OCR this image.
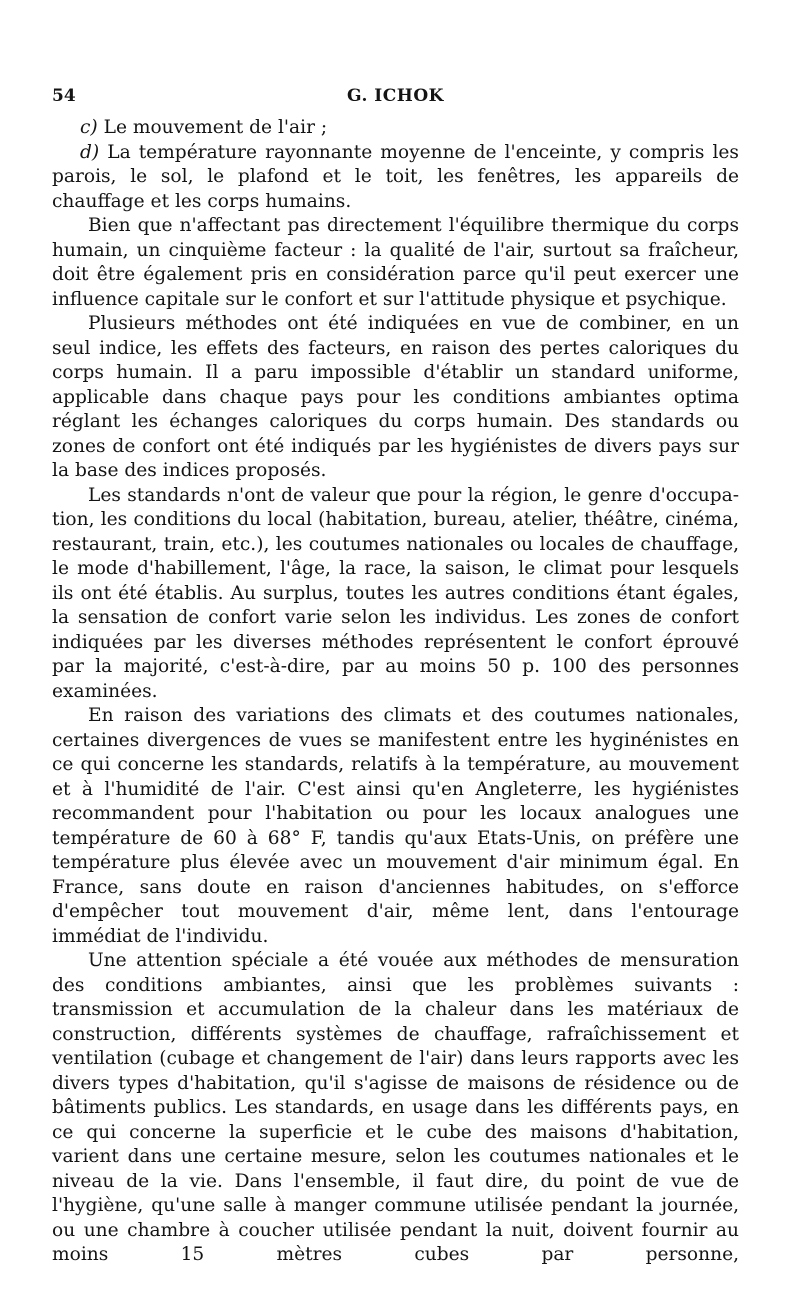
54	G. ICHOK

c) Le mouvement de l'air ;

d) La température rayonnante moyenne de l'enceinte, y compris les parois, le sol, le plafond et le toit, les fenêtres, les appareils de chauffage et les corps humains.

Bien que n'affectant pas directement l'équilibre thermique du corps humain, un cinquième facteur : la qualité de l'air, surtout sa fraîcheur, doit être également pris en considération parce qu'il peut exercer une influence capitale sur le confort et sur l'attitude physique et psychique.

Plusieurs méthodes ont été indiquées en vue de combiner, en un seul indice, les effets des facteurs, en raison des pertes caloriques du corps humain. Il a paru impossible d'établir un standard uniforme, applicable dans chaque pays pour les conditions ambiantes optima réglant les échanges caloriques du corps humain. Des standards ou zones de confort ont été indiqués par les hygiénistes de divers pays sur la base des indices proposés.

Les standards n'ont de valeur que pour la région, le genre d'occupation, les conditions du local (habitation, bureau, atelier, théâtre, cinéma, restaurant, train, etc.), les coutumes nationales ou locales de chauffage, le mode d'habillement, l'âge, la race, la saison, le climat pour lesquels ils ont été établis. Au surplus, toutes les autres conditions étant égales, la sensation de confort varie selon les individus. Les zones de confort indiquées par les diverses méthodes représentent le confort éprouvé par la majorité, c'est-à-dire, par au moins 50 p. 100 des personnes examinées.

En raison des variations des climats et des coutumes nationales, certaines divergences de vues se manifestent entre les hyginénistes en ce qui concerne les standards, relatifs à la température, au mouvement et à l'humidité de l'air. C'est ainsi qu'en Angleterre, les hygiénistes recommandent pour l'habitation ou pour les locaux analogues une température de 60 à 68° F, tandis qu'aux Etats-Unis, on préfère une température plus élevée avec un mouvement d'air minimum égal. En France, sans doute en raison d'anciennes habitudes, on s'efforce d'empêcher tout mouvement d'air, même lent, dans l'entourage immédiat de l'individu.

Une attention spéciale a été vouée aux méthodes de mensuration des conditions ambiantes, ainsi que les problèmes suivants : transmission et accumulation de la chaleur dans les matériaux de construction, différents systèmes de chauffage, rafraîchissement et ventilation (cubage et changement de l'air) dans leurs rapports avec les divers types d'habitation, qu'il s'agisse de maisons de résidence ou de bâtiments publics. Les standards, en usage dans les différents pays, en ce qui concerne la superficie et le cube des maisons d'habitation, varient dans une certaine mesure, selon les coutumes nationales et le niveau de la vie. Dans l'ensemble, il faut dire, du point de vue de l'hygiène, qu'une salle à manger commune utilisée pendant la journée, ou une chambre à coucher utilisée pendant la nuit, doivent fournir au moins 15 mètres cubes par personne,
